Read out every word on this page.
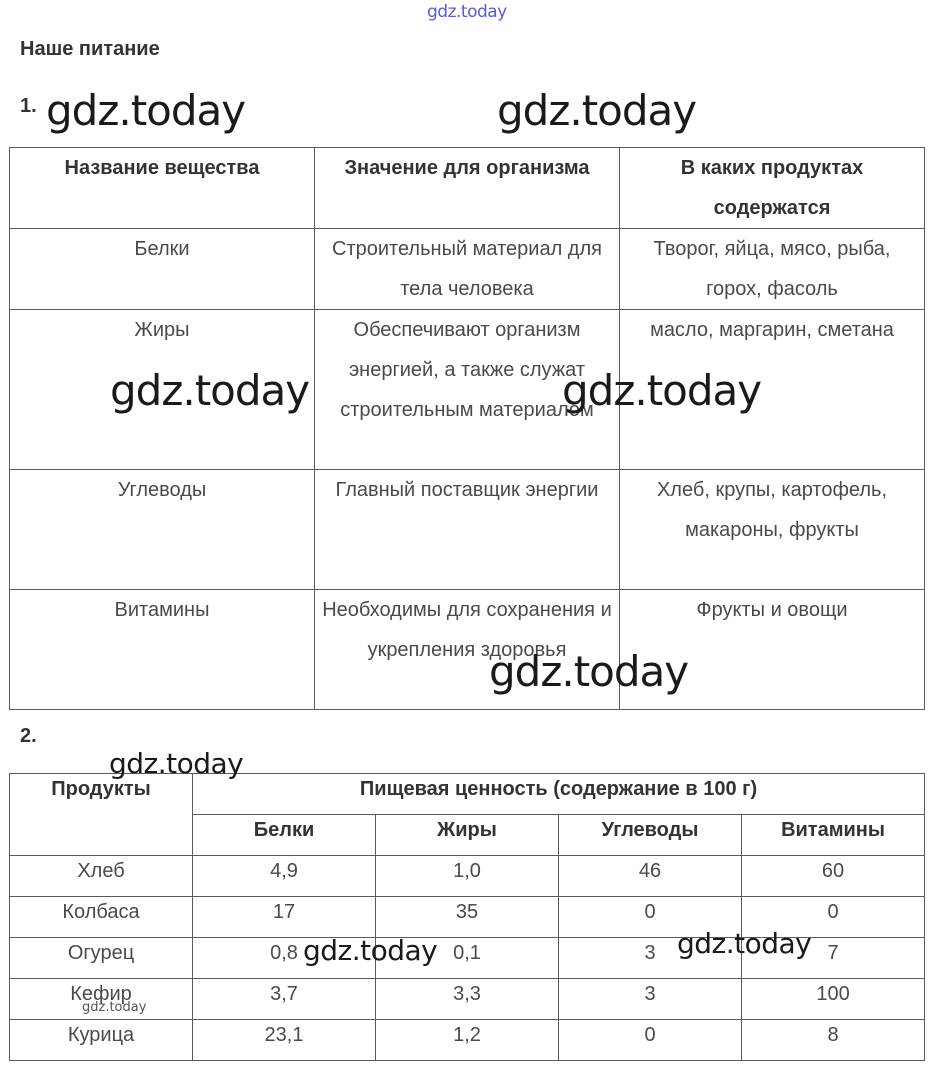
gdz.today
gdz.today	gdz.today
gdz.today	gdz.today
gdz.today
gdz.today
gdz.today	gdz.today
gdz.today
Наше питание
1.
Название вещества	Значение для организма	В каких продуктах содержатся
Белки	Строительный материал для тела человека	Творог, яйца, мясо, рыба, горох, фасоль
Жиры	Обеспечивают организм энергией, а также служат строительным материалом	масло, маргарин, сметана
Углеводы	Главный поставщик энергии	Хлеб, крупы, картофель, макароны, фрукты
Витамины	Необходимы для сохранения и укрепления здоровья	Фрукты и овощи
2.
Продукты	Пищевая ценность (содержание в 100 г)			
	Белки	Жиры	Углеводы	Витамины
Хлеб	4,9	1,0	46	60
Колбаса	17	35	0	0
Огурец	0,8	0,1	3	7
Кефир	3,7	3,3	3	100
Курица	23,1	1,2	0	8
